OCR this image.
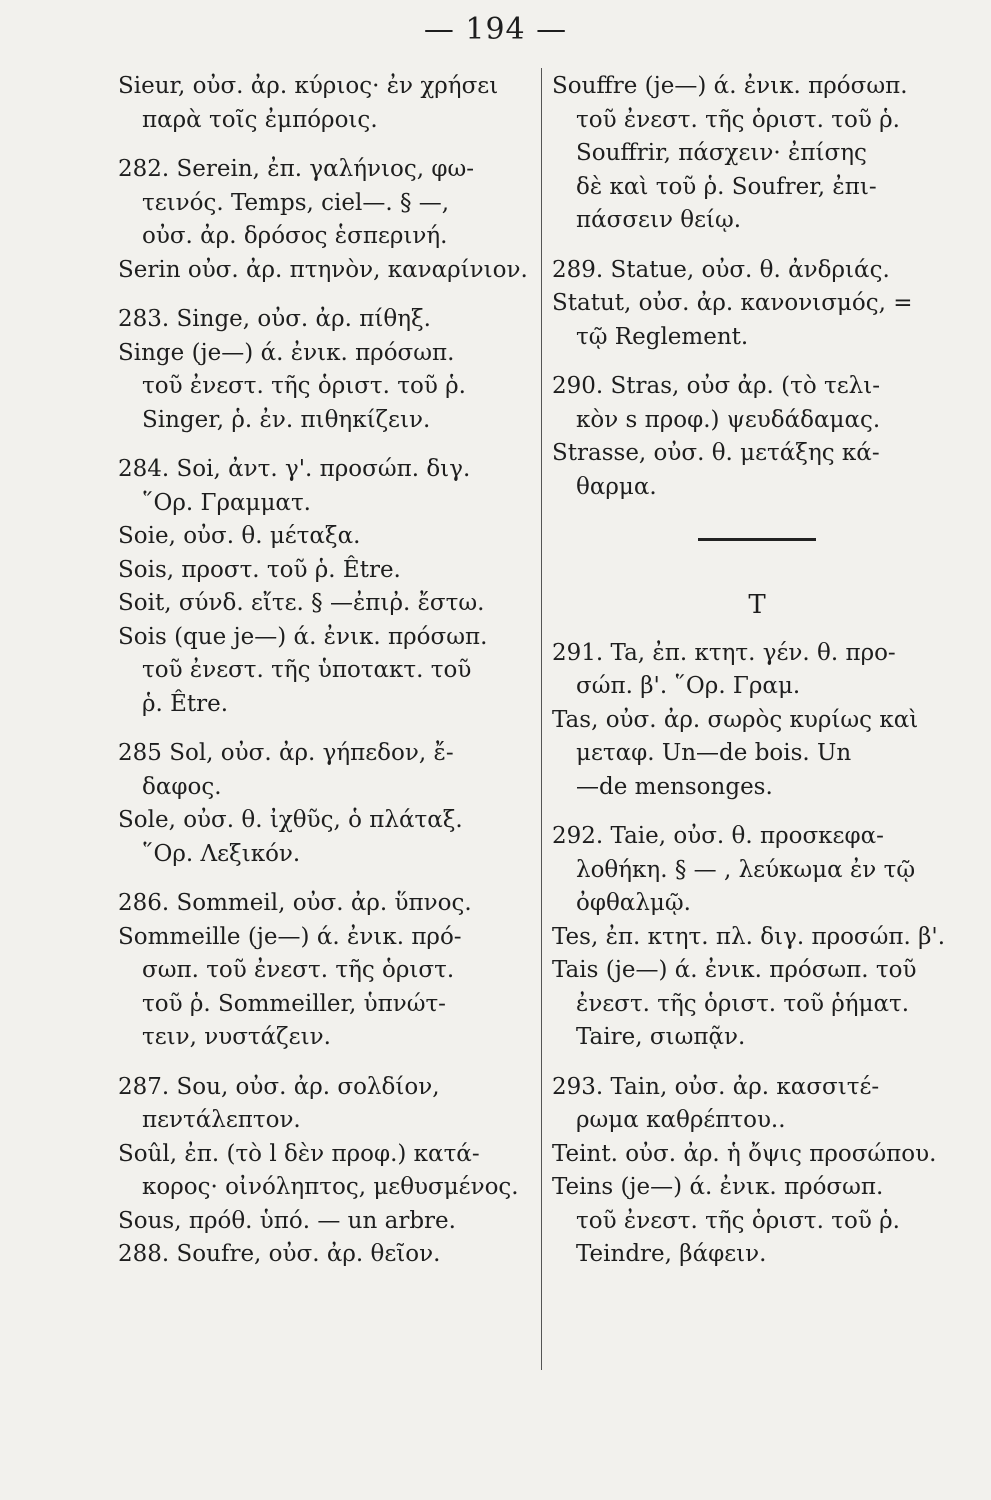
— 194 —
Sieur, οὐσ. ἀρ. κύριος· ἐν χρήσει
παρὰ τοῖς ἐμπόροις.
282. Serein, ἐπ. γαλήνιος, φω-
τεινός. Temps, ciel—. § —,
οὐσ. ἀρ. δρόσος ἑσπερινή.
Serin οὐσ. ἀρ. πτηνὸν, καναρίνιον.
283. Singe, οὐσ. ἀρ. πίθηξ.
Singe (je—) ά. ἐνικ. πρόσωπ.
τοῦ ἐνεστ. τῆς ὁριστ. τοῦ ῥ.
Singer, ῥ. ἐν. πιθηκίζειν.
284. Soi, ἀντ. γ'. προσώπ. διγ.
῞Ορ. Γραμματ.
Soie, οὐσ. θ. μέταξα.
Sois, προστ. τοῦ ῥ. Être.
Soit, σύνδ. εἴτε. § —ἐπιῤ. ἔστω.
Sois (que je—) ά. ἐνικ. πρόσωπ.
τοῦ ἐνεστ. τῆς ὑποτακτ. τοῦ
ῥ. Être.
285 Sol, οὐσ. ἀρ. γήπεδον, ἔ-
δαφος.
Sole, οὐσ. θ. ἰχθῦς, ὁ πλάταξ.
῞Ορ. Λεξικόν.
286. Sommeil, οὐσ. ἀρ. ὕπνος.
Sommeille (je—) ά. ἐνικ. πρό-
σωπ. τοῦ ἐνεστ. τῆς ὁριστ.
τοῦ ῥ. Sommeiller, ὑπνώτ-
τειν, νυστάζειν.
287. Sou, οὐσ. ἀρ. σολδίον,
πεντάλεπτον.
Soûl, ἐπ. (τὸ l δὲν προφ.) κατά-
κορος· οἰνόληπτος, μεθυσμένος.
Sous, πρόθ. ὑπό. — un arbre.
288. Soufre, οὐσ. ἀρ. θεῖον.
Souffre (je—) ά. ἐνικ. πρόσωπ.
τοῦ ἐνεστ. τῆς ὁριστ. τοῦ ῥ.
Souffrir, πάσχειν· ἐπίσης
δὲ καὶ τοῦ ῥ. Soufrer, ἐπι-
πάσσειν θείῳ.
289. Statue, οὐσ. θ. ἀνδριάς.
Statut, οὐσ. ἀρ. κανονισμός, =
τῷ Reglement.
290. Stras, οὐσ ἀρ. (τὸ τελι-
κὸν s προφ.) ψευδάδαμας.
Strasse, οὐσ. θ. μετάξης κά-
θαρμα.
T
291. Ta, ἐπ. κτητ. γέν. θ. προ-
σώπ. β'. ῞Ορ. Γραμ.
Tas, οὐσ. ἀρ. σωρὸς κυρίως καὶ
μεταφ. Un—de bois. Un
—de mensonges.
292. Taie, οὐσ. θ. προσκεφα-
λοθήκη. § — , λεύκωμα ἐν τῷ
ὀφθαλμῷ.
Tes, ἐπ. κτητ. πλ. διγ. προσώπ. β'.
Tais (je—) ά. ἐνικ. πρόσωπ. τοῦ
ἐνεστ. τῆς ὁριστ. τοῦ ῥήματ.
Taire, σιωπᾷν.
293. Tain, οὐσ. ἀρ. κασσιτέ-
ρωμα καθρέπτου..
Teint. οὐσ. ἀρ. ἡ ὄψις προσώπου.
Teins (je—) ά. ἐνικ. πρόσωπ.
τοῦ ἐνεστ. τῆς ὁριστ. τοῦ ῥ.
Teindre, βάφειν.
